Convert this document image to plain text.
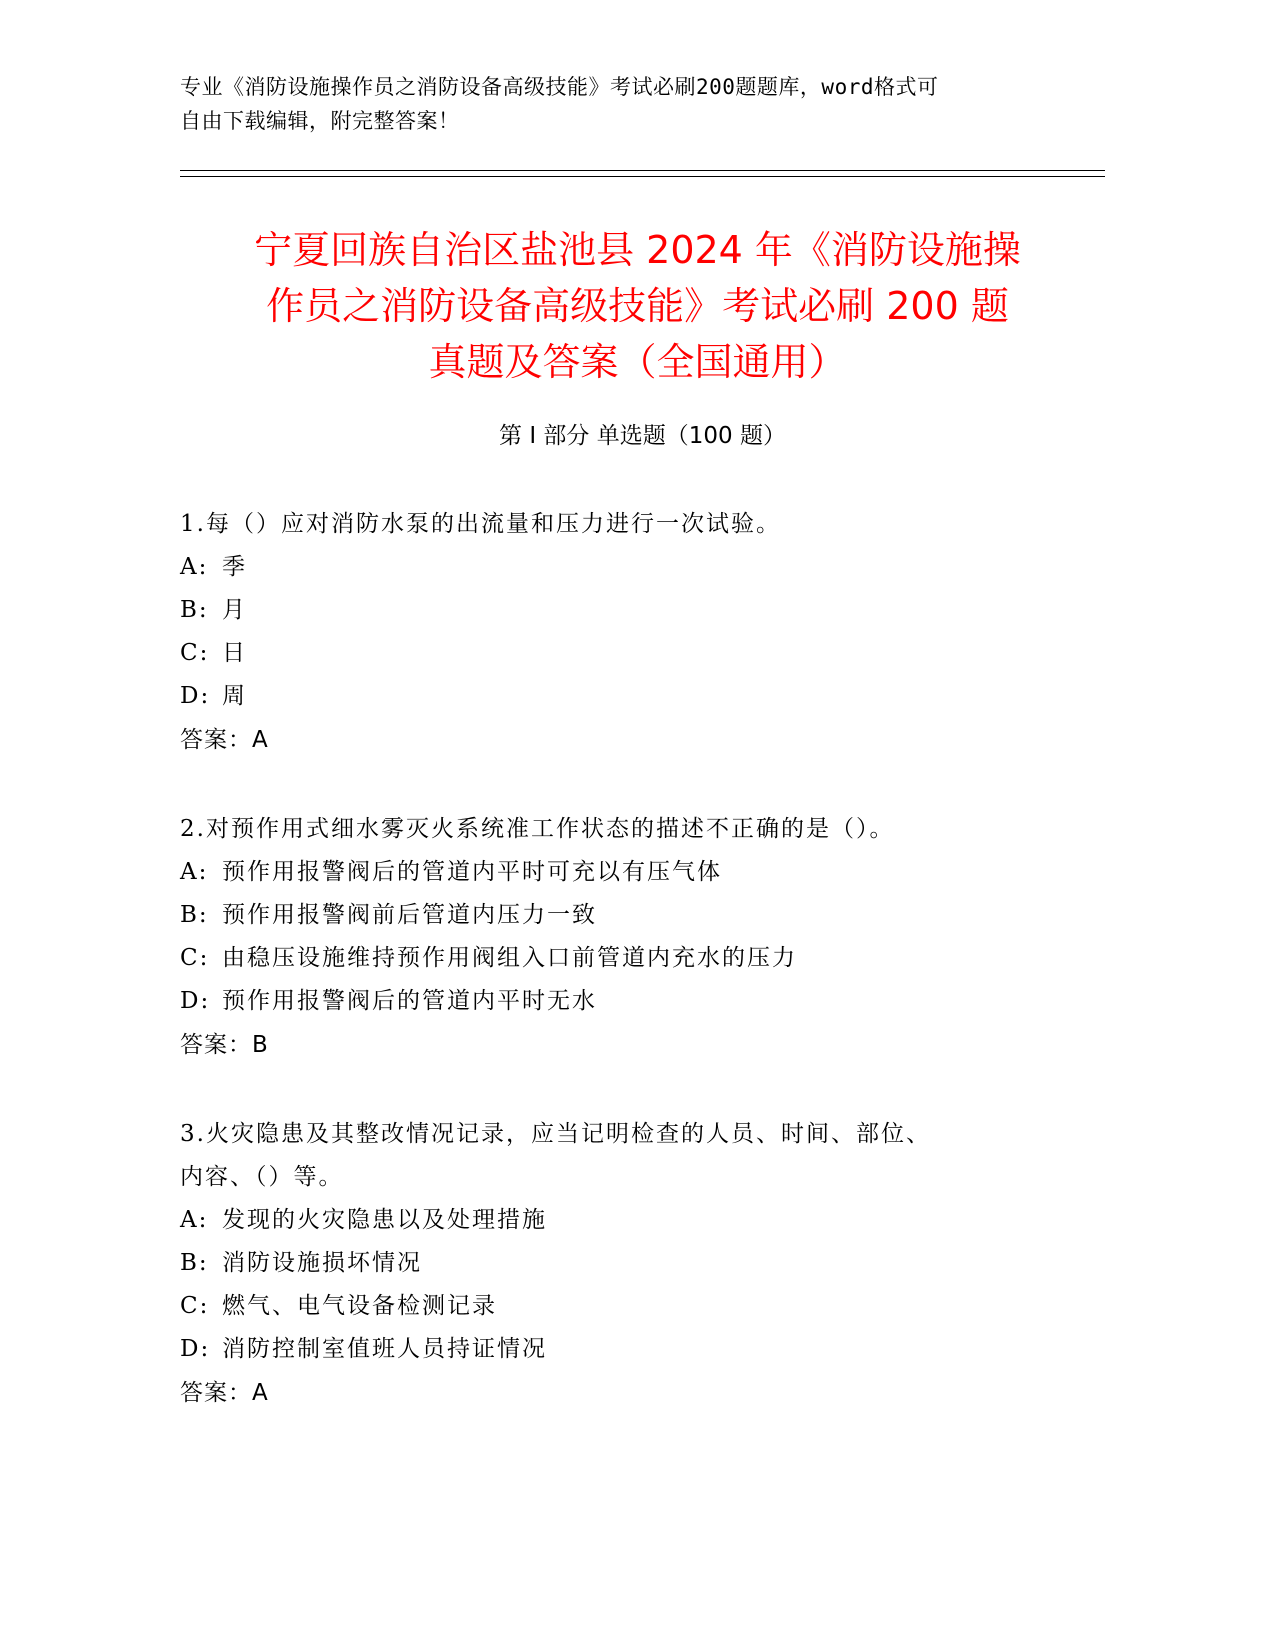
专业《消防设施操作员之消防设备高级技能》考试必刷200题题库，word格式可
自由下载编辑，附完整答案！
宁夏回族自治区盐池县 2024 年《消防设施操
作员之消防设备高级技能》考试必刷 200 题
真题及答案（全国通用）
第 I 部分 单选题（100 题）
1.每（）应对消防水泵的出流量和压力进行一次试验。
A: 季
B: 月
C: 日
D: 周
答案：A
2.对预作用式细水雾灭火系统准工作状态的描述不正确的是（）。
A: 预作用报警阀后的管道内平时可充以有压气体
B: 预作用报警阀前后管道内压力一致
C: 由稳压设施维持预作用阀组入口前管道内充水的压力
D: 预作用报警阀后的管道内平时无水
答案：B
3.火灾隐患及其整改情况记录，应当记明检查的人员、时间、部位、
内容、（）等。
A: 发现的火灾隐患以及处理措施
B: 消防设施损坏情况
C: 燃气、电气设备检测记录
D: 消防控制室值班人员持证情况
答案：A
